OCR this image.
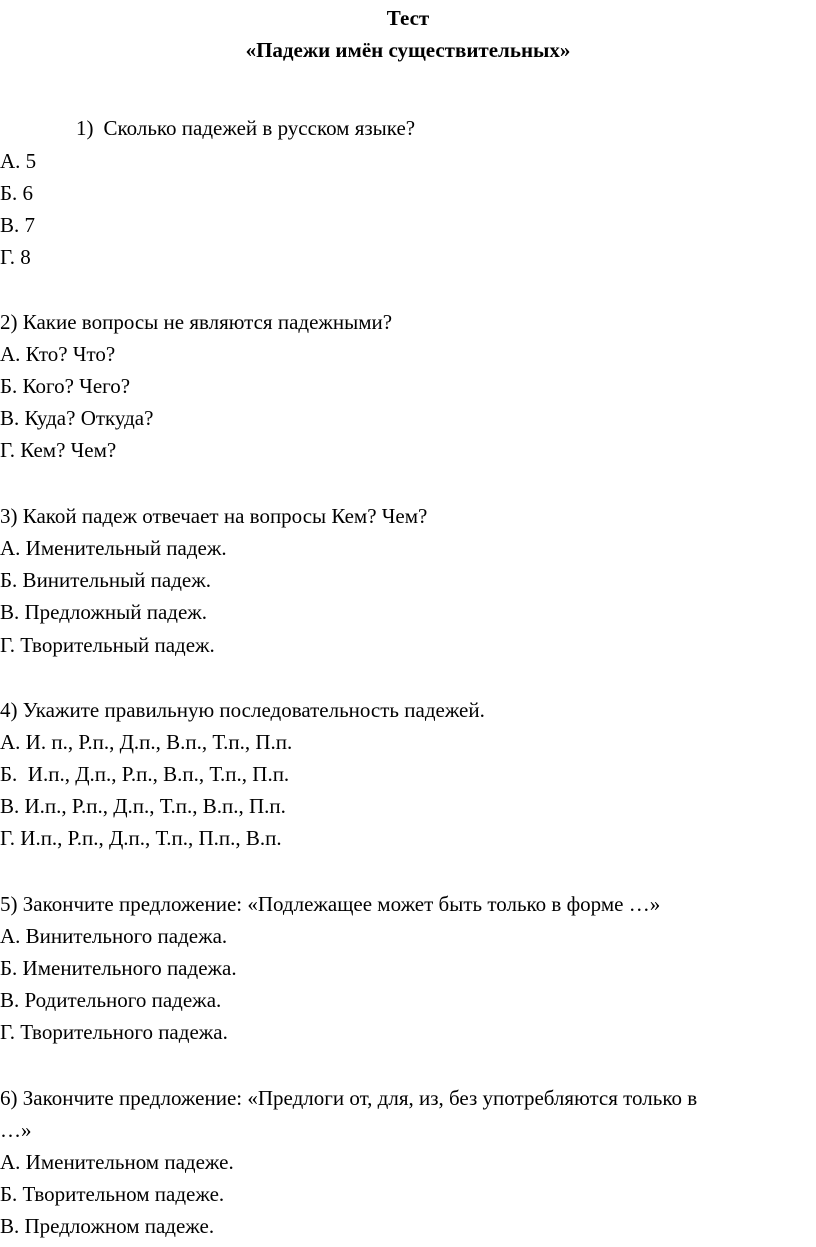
Тест

«Падежи имён существительных»

1) Сколько падежей в русском языке?

А. 5

Б. 6

В. 7

Г. 8

2) Какие вопросы не являются падежными?

А. Кто? Что?

Б. Кого? Чего?

В. Куда? Откуда?

Г. Кем? Чем?

3) Какой падеж отвечает на вопросы Кем? Чем?

А. Именительный падеж.

Б. Винительный падеж.

В. Предложный падеж.

Г. Творительный падеж.

4) Укажите правильную последовательность падежей.

А. И. п., Р.п., Д.п., В.п., Т.п., П.п.

Б.  И.п., Д.п., Р.п., В.п., Т.п., П.п.

В. И.п., Р.п., Д.п., Т.п., В.п., П.п.

Г. И.п., Р.п., Д.п., Т.п., П.п., В.п.

5) Закончите предложение: «Подлежащее может быть только в форме …»

А. Винительного падежа.

Б. Именительного падежа.

В. Родительного падежа.

Г. Творительного падежа.

6) Закончите предложение: «Предлоги от, для, из, без употребляются только в

…»

А. Именительном падеже.

Б. Творительном падеже.

В. Предложном падеже.
